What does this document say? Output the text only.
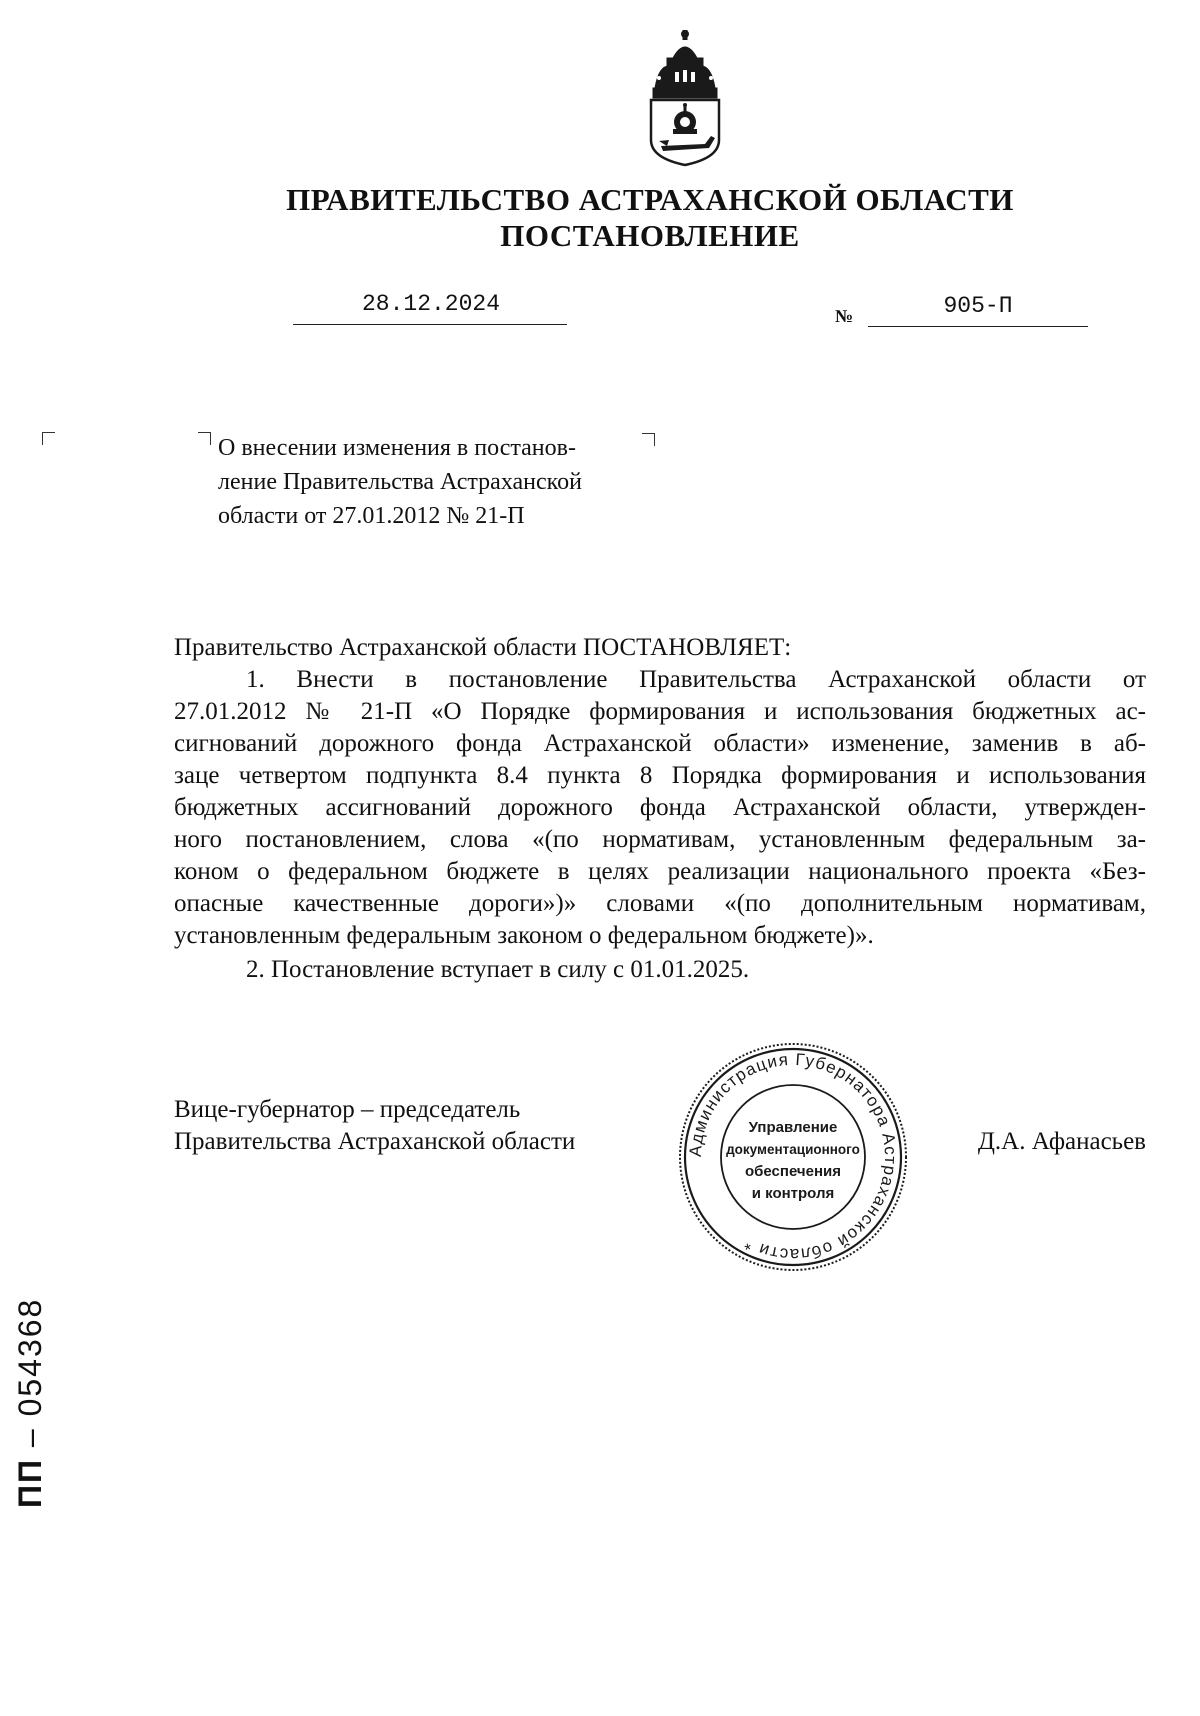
ПРАВИТЕЛЬСТВО АСТРАХАНСКОЙ ОБЛАСТИ
ПОСТАНОВЛЕНИЕ
28.12.2024	№	905-П
О внесении изменения в постанов-
ление Правительства Астраханской
области от 27.01.2012 № 21-П
Правительство Астраханской области ПОСТАНОВЛЯЕТ:

1. Внести в постановление Правительства Астраханской области от
27.01.2012 № 21-П «О Порядке формирования и использования бюджетных ас-
сигнований дорожного фонда Астраханской области» изменение, заменив в аб-
заце четвертом подпункта 8.4 пункта 8 Порядка формирования и использования
бюджетных ассигнований дорожного фонда Астраханской области, утвержден-
ного постановлением, слова «(по нормативам, установленным федеральным за-
коном о федеральном бюджете в целях реализации национального проекта «Без-
опасные качественные дороги»)» словами «(по дополнительным нормативам,
установленным федеральным законом о федеральном бюджете)».

2. Постановление вступает в силу с 01.01.2025.
Вице-губернатор – председатель
Правительства Астраханской области	Д.А. Афанасьев
Администрация Губернатора Астраханской области *
Управление
документационного
обеспечения
и контроля
ПП – 054368
